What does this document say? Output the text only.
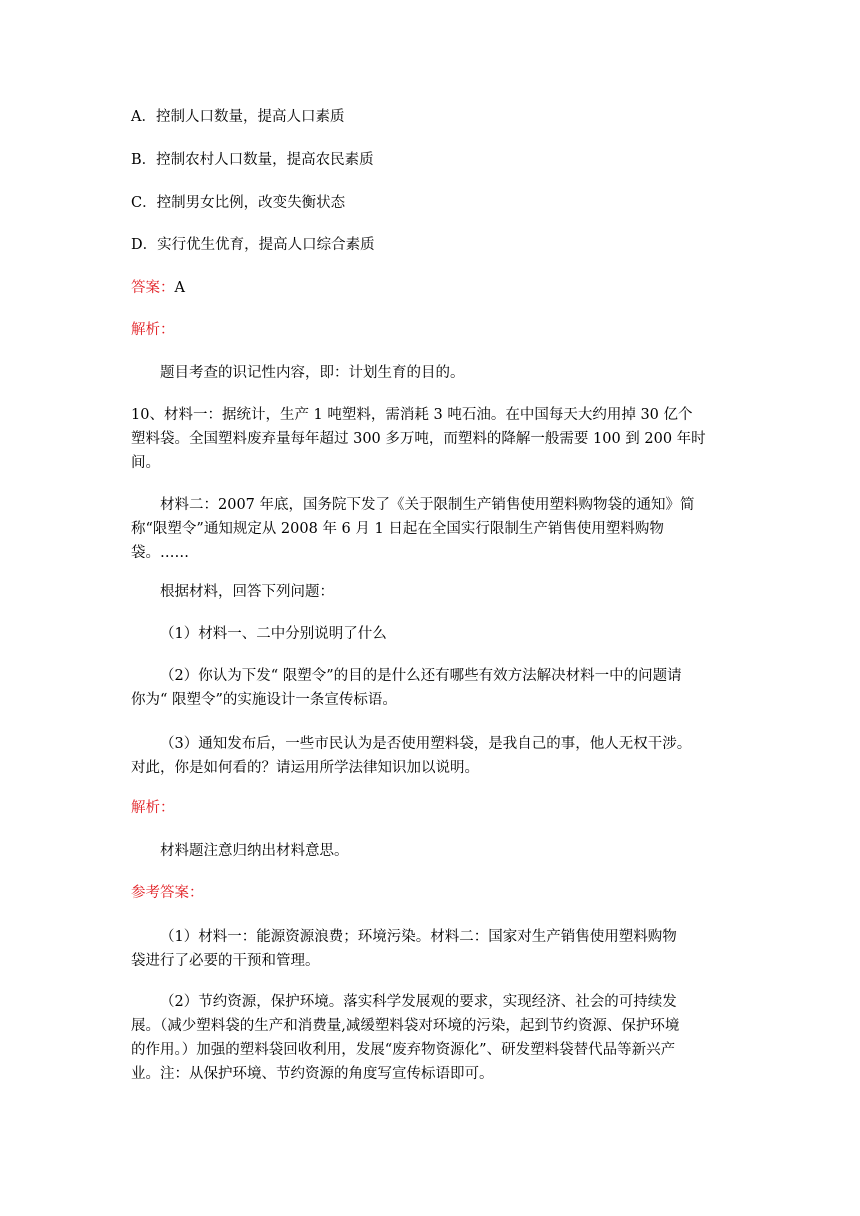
A．控制人口数量，提高人口素质
B．控制农村人口数量，提高农民素质
C．控制男女比例，改变失衡状态
D．实行优生优育，提高人口综合素质
答案：A
解析：
题目考查的识记性内容，即：计划生育的目的。
10、材料一：据统计，生产 1 吨塑料，需消耗 3 吨石油。在中国每天大约用掉 30 亿个
塑料袋。全国塑料废弃量每年超过 300 多万吨，而塑料的降解一般需要 100 到 200 年时
间。
材料二：2007 年底，国务院下发了《关于限制生产销售使用塑料购物袋的通知》简
称“限塑令”通知规定从 2008 年 6 月 1 日起在全国实行限制生产销售使用塑料购物
袋。……
根据材料，回答下列问题：
（1）材料一、二中分别说明了什么
（2）你认为下发“ 限塑令”的目的是什么还有哪些有效方法解决材料一中的问题请
你为“ 限塑令”的实施设计一条宣传标语。
（3）通知发布后，一些市民认为是否使用塑料袋，是我自己的事，他人无权干涉。
对此，你是如何看的？请运用所学法律知识加以说明。
解析：
材料题注意归纳出材料意思。
参考答案：
（1）材料一：能源资源浪费；环境污染。材料二：国家对生产销售使用塑料购物
袋进行了必要的干预和管理。
（2）节约资源，保护环境。落实科学发展观的要求，实现经济、社会的可持续发
展。（减少塑料袋的生产和消费量,减缓塑料袋对环境的污染，起到节约资源、保护环境
的作用。）加强的塑料袋回收利用，发展“废弃物资源化”、研发塑料袋替代品等新兴产
业。注：从保护环境、节约资源的角度写宣传标语即可。
